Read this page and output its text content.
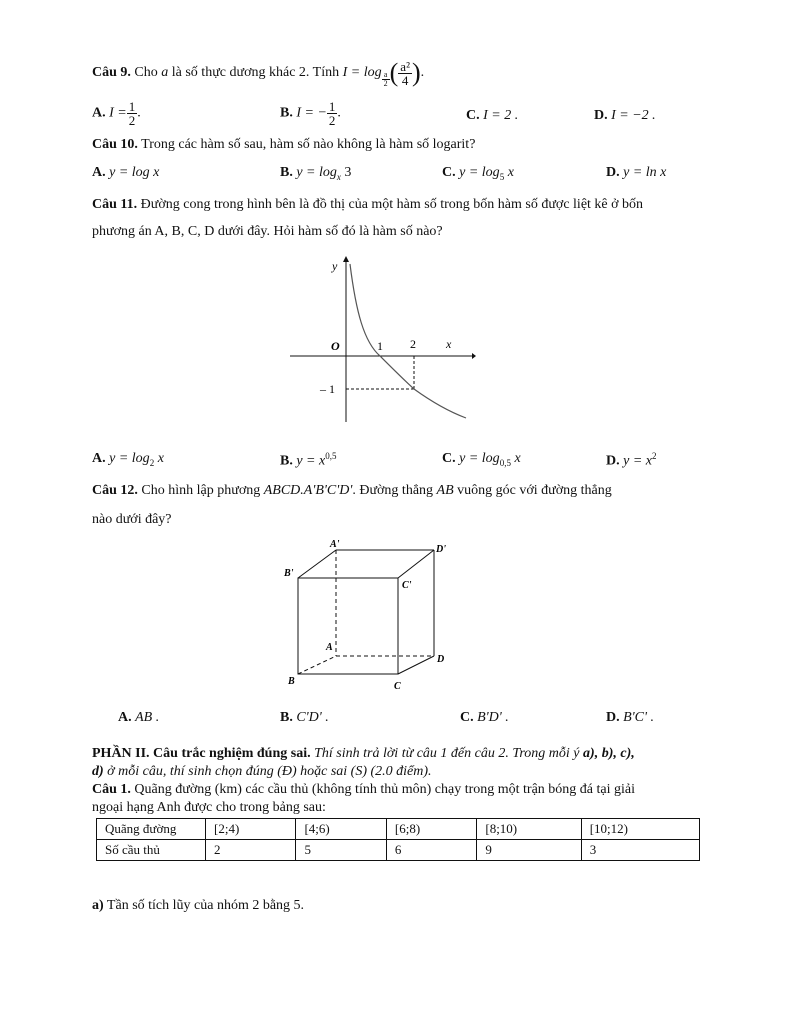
Câu 9. Cho a là số thực dương khác 2. Tính $I = \log \frac{a}{2}$ ( $\frac{\text{a²}}{4}$ ).
A. $I = \frac{1}{2}$ .	B. I = − $\frac{1}{2}$ .	C. I = 2 .	D. I = −2 .
Câu 10. Trong các hàm số sau, hàm số nào không là hàm số logarit?
A. y = log x	B. $y = \log_x 3$	C. $y = \log_5 x$	D. y = ln x
Câu 11. Đường cong trong hình bên là đồ thị của một hàm số trong bốn hàm số được liệt kê ở bốn
phương án A, B, C, D dưới đây. Hỏi hàm số đó là hàm số nào?
y
x
O	1 2
– 1
A. $y = \log_2 x$	B. $y = x^{0,5}$	C. $y = \log_{0,5} x$	D. $y = x^2$
Câu 12. Cho hình lập phương ABCD.A'B'C'D'. Đường thẳng AB vuông góc với đường thẳng
nào dưới đây?
A'	D'
B'
C'
A
D
B	C
A. AB .	B. C'D' .	C. B'D' .	D. B'C' .
PHẦN II. Câu trắc nghiệm đúng sai. Thí sinh trả lời từ câu 1 đến câu 2. Trong mỗi ý a), b), c),
d) ở mỗi câu, thí sinh chọn đúng (Đ) hoặc sai (S) (2.0 điểm).
Câu 1. Quãng đường (km) các cầu thủ (không tính thủ môn) chạy trong một trận bóng đá tại giải
ngoại hạng Anh được cho trong bảng sau:
Quãng đường	[2;4)	[4;6)	[6;8)	[8;10)	[10;12)
Số cầu thủ	2	5	6	9	3
a) Tần số tích lũy của nhóm 2 bằng 5.
